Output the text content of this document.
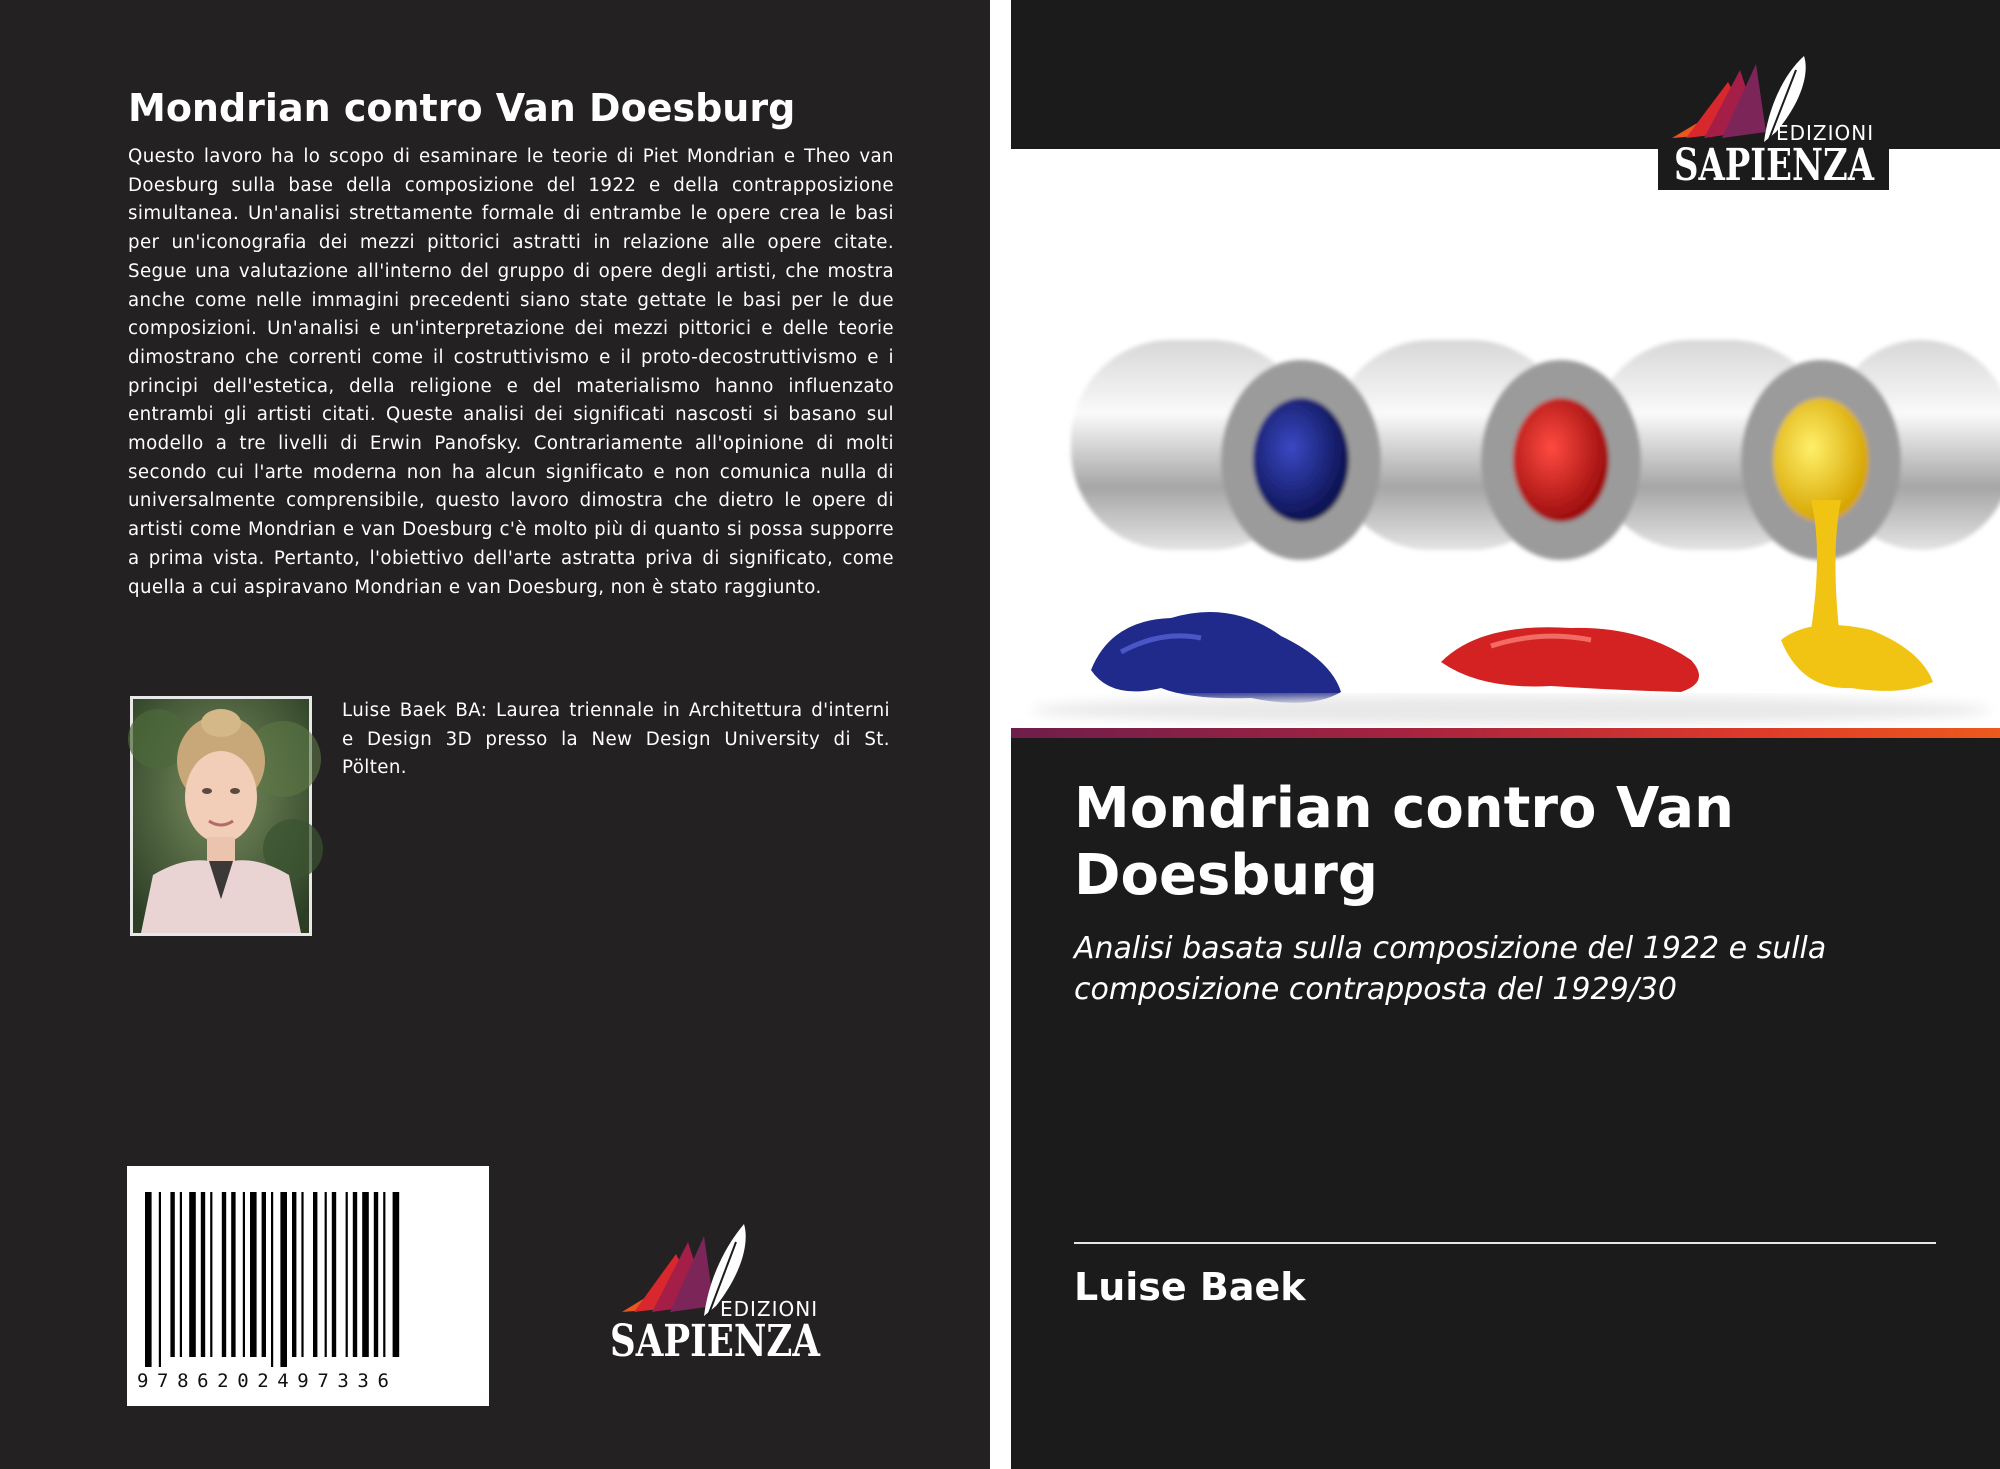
Mondrian contro Van Doesburg

Questo lavoro ha lo scopo di esaminare le teorie di Piet Mondrian e Theo van Doesburg sulla base della composizione del 1922 e della contrapposizione simultanea. Un'analisi strettamente formale di entrambe le opere crea le basi per un'iconografia dei mezzi pittorici astratti in relazione alle opere citate. Segue una valutazione all'interno del gruppo di opere degli artisti, che mostra anche come nelle immagini precedenti siano state gettate le basi per le due composizioni. Un'analisi e un'interpretazione dei mezzi pittorici e delle teorie dimostrano che correnti come il costruttivismo e il proto-decostruttivismo e i principi dell'estetica, della religione e del materialismo hanno influenzato entrambi gli artisti citati. Queste analisi dei significati nascosti si basano sul modello a tre livelli di Erwin Panofsky. Contrariamente all'opinione di molti secondo cui l'arte moderna non ha alcun significato e non comunica nulla di universalmente comprensibile, questo lavoro dimostra che dietro le opere di artisti come Mondrian e van Doesburg c'è molto più di quanto si possa supporre a prima vista. Pertanto, l'obiettivo dell'arte astratta priva di significato, come quella a cui aspiravano Mondrian e van Doesburg, non è stato raggiunto.

Luise Baek BA: Laurea triennale in Architettura d'interni e Design 3D presso la New Design University di St. Pölten.

9786202497336
EDIZIONI
SAPIENZA
EDIZIONI
SAPIENZA
Mondrian contro Van Doesburg

Analisi basata sulla composizione del 1922 e sulla composizione contrapposta del 1929/30

Luise Baek
